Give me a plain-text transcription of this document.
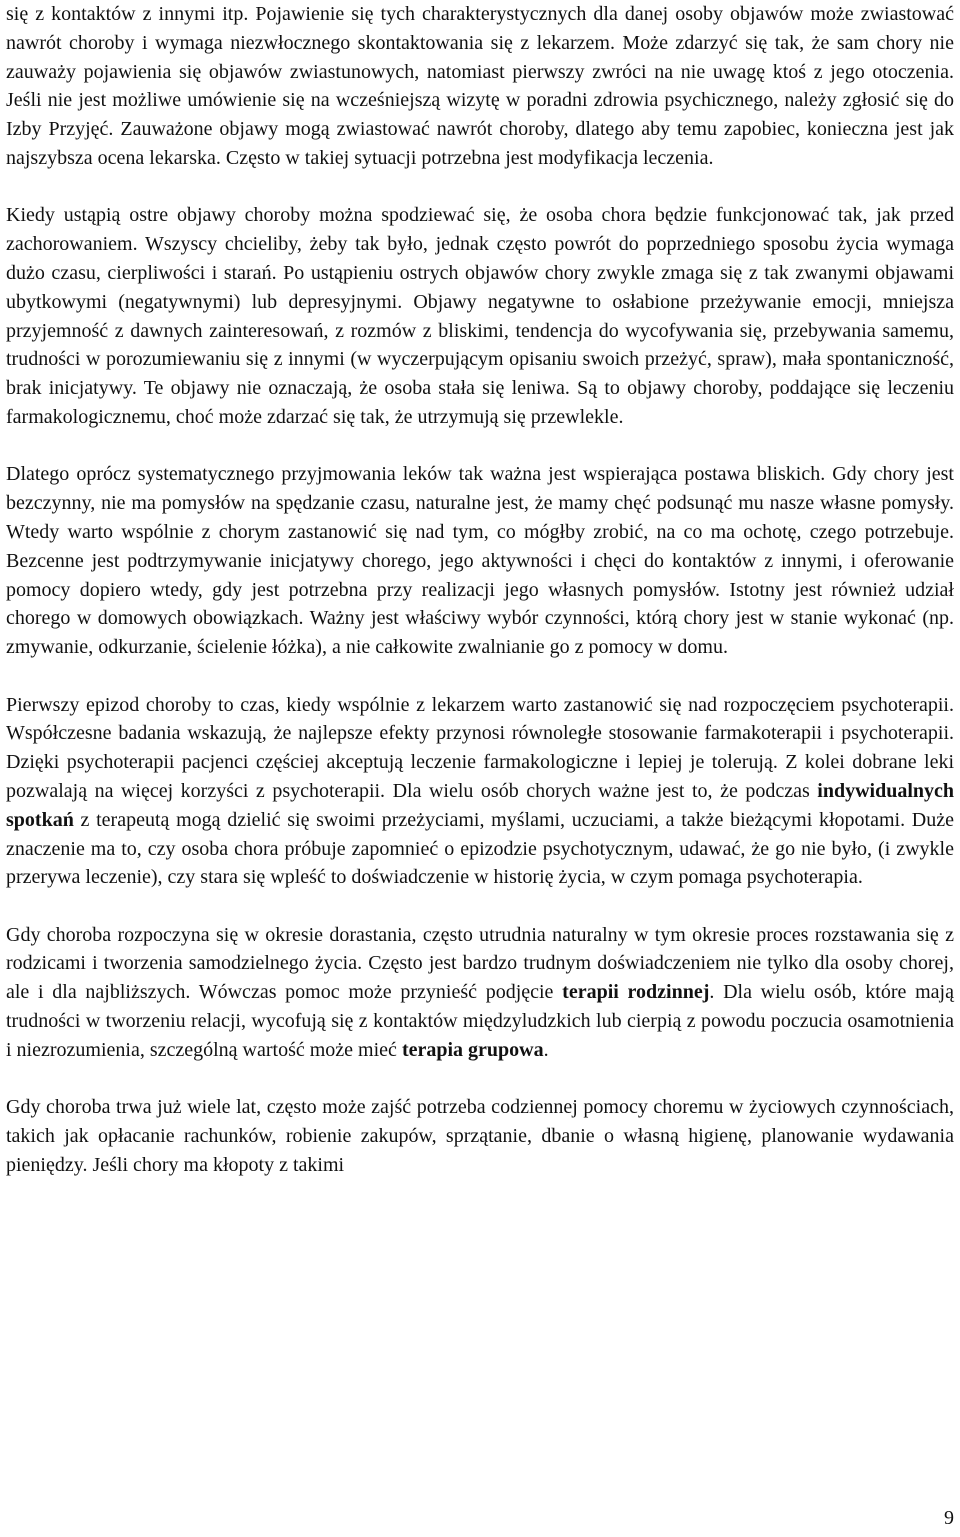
się z kontaktów z innymi itp. Pojawienie się tych charakterystycznych dla danej osoby objawów może zwiastować nawrót choroby i wymaga niezwłocznego skontaktowania się z lekarzem. Może zdarzyć się tak, że sam chory nie zauważy pojawienia się objawów zwiastunowych, natomiast pierwszy zwróci na nie uwagę ktoś z jego otoczenia. Jeśli nie jest możliwe umówienie się na wcześniejszą wizytę w poradni zdrowia psychicznego, należy zgłosić się do Izby Przyjęć. Zauważone objawy mogą zwiastować nawrót choroby, dlatego aby temu zapobiec, konieczna jest jak najszybsza ocena lekarska. Często w takiej sytuacji potrzebna jest modyfikacja leczenia.

Kiedy ustąpią ostre objawy choroby można spodziewać się, że osoba chora będzie funkcjonować tak, jak przed zachorowaniem. Wszyscy chcieliby, żeby tak było, jednak często powrót do poprzedniego sposobu życia wymaga dużo czasu, cierpliwości i starań. Po ustąpieniu ostrych objawów chory zwykle zmaga się z tak zwanymi objawami ubytkowymi (negatywnymi) lub depresyjnymi. Objawy negatywne to osłabione przeżywanie emocji, mniejsza przyjemność z dawnych zainteresowań, z rozmów z bliskimi, tendencja do wycofywania się, przebywania samemu, trudności w porozumiewaniu się z innymi (w wyczerpującym opisaniu swoich przeżyć, spraw), mała spontaniczność, brak inicjatywy. Te objawy nie oznaczają, że osoba stała się leniwa. Są to objawy choroby, poddające się leczeniu farmakologicznemu, choć może zdarzać się tak, że utrzymują się przewlekle.

Dlatego oprócz systematycznego przyjmowania leków tak ważna jest wspierająca postawa bliskich. Gdy chory jest bezczynny, nie ma pomysłów na spędzanie czasu, naturalne jest, że mamy chęć podsunąć mu nasze własne pomysły. Wtedy warto wspólnie z chorym zastanowić się nad tym, co mógłby zrobić, na co ma ochotę, czego potrzebuje. Bezcenne jest podtrzymywanie inicjatywy chorego, jego aktywności i chęci do kontaktów z innymi, i oferowanie pomocy dopiero wtedy, gdy jest potrzebna przy realizacji jego własnych pomysłów. Istotny jest również udział chorego w domowych obowiązkach. Ważny jest właściwy wybór czynności, którą chory jest w stanie wykonać (np. zmywanie, odkurzanie, ścielenie łóżka), a nie całkowite zwalnianie go z pomocy w domu.

Pierwszy epizod choroby to czas, kiedy wspólnie z lekarzem warto zastanowić się nad rozpoczęciem psychoterapii. Współczesne badania wskazują, że najlepsze efekty przynosi równoległe stosowanie farmakoterapii i psychoterapii. Dzięki psychoterapii pacjenci częściej akceptują leczenie farmakologiczne i lepiej je tolerują. Z kolei dobrane leki pozwalają na więcej korzyści z psychoterapii. Dla wielu osób chorych ważne jest to, że podczas indywidualnych spotkań z terapeutą mogą dzielić się swoimi przeżyciami, myślami, uczuciami, a także bieżącymi kłopotami. Duże znaczenie ma to, czy osoba chora próbuje zapomnieć o epizodzie psychotycznym, udawać, że go nie było, (i zwykle przerywa leczenie), czy stara się wpleść to doświadczenie w historię życia, w czym pomaga psychoterapia.

Gdy choroba rozpoczyna się w okresie dorastania, często utrudnia naturalny w tym okresie proces rozstawania się z rodzicami i tworzenia samodzielnego życia. Często jest bardzo trudnym doświadczeniem nie tylko dla osoby chorej, ale i dla najbliższych. Wówczas pomoc może przynieść podjęcie terapii rodzinnej. Dla wielu osób, które mają trudności w tworzeniu relacji, wycofują się z kontaktów międzyludzkich lub cierpią z powodu poczucia osamotnienia i niezrozumienia, szczególną wartość może mieć terapia grupowa.

Gdy choroba trwa już wiele lat, często może zajść potrzeba codziennej pomocy choremu w życiowych czynnościach, takich jak opłacanie rachunków, robienie zakupów, sprzątanie, dbanie o własną higienę, planowanie wydawania pieniędzy. Jeśli chory ma kłopoty z takimi

9
